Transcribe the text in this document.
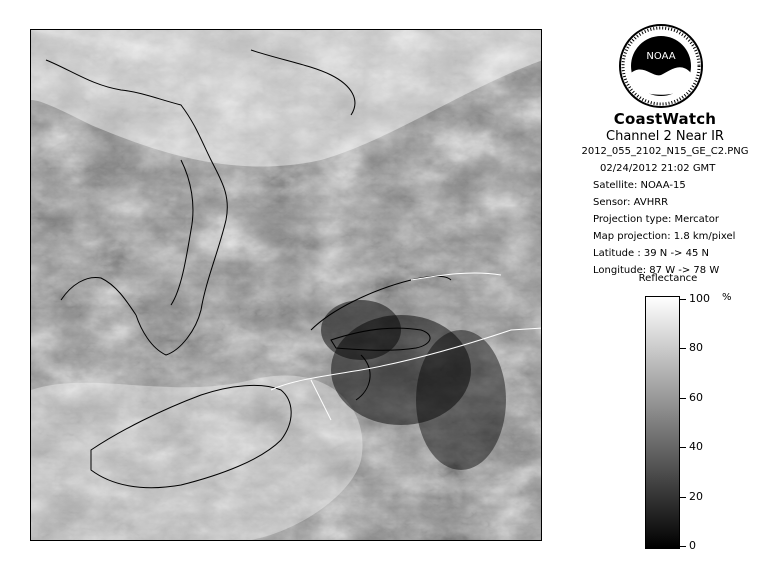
NOAA
CoastWatch
Channel 2 Near IR
2012_055_2102_N15_GE_C2.PNG
02/24/2012 21:02 GMT
Satellite: NOAA-15
Sensor: AVHRR
Projection type: Mercator
Map projection: 1.8 km/pixel
Latitude : 39 N -> 45 N
Longitude: 87 W -> 78 W
Reflectance
%
100
80
60
40
20
0
